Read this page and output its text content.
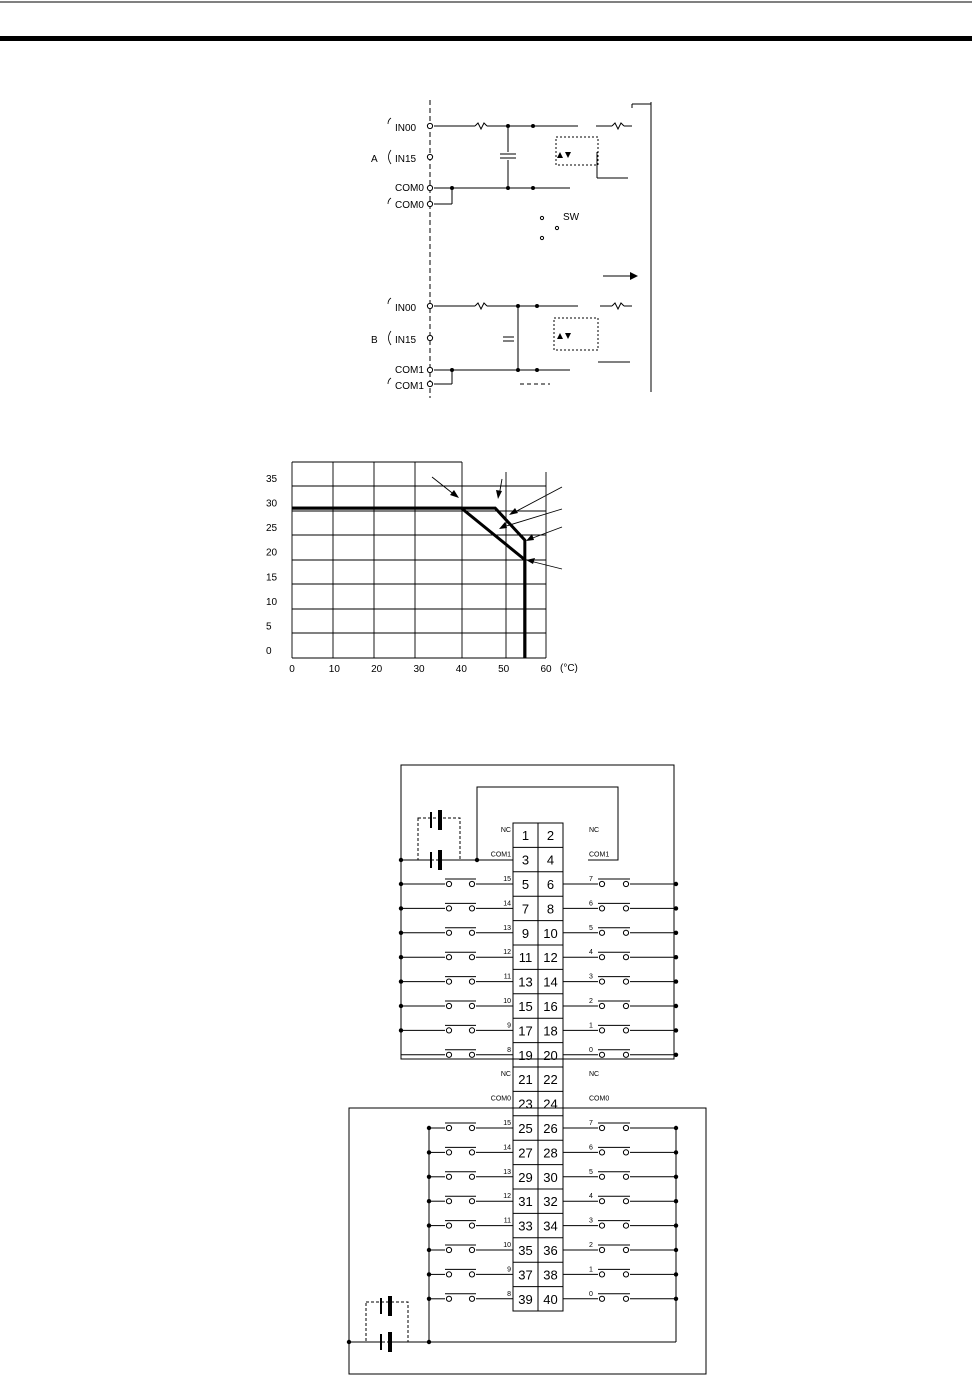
IN00
A IN15
COM0
COM0
SW
IN00
B IN15
COM1
COM1
0	10	20	30	40	50	60
0
5
10
15
20
25
30
35
(°C)
1 2
NC	NC
3 4
COM1	COM1
5 6
15	7
7 8
14	6
9 10
13	5
11 12
12	4
13 14
11	3
15 16
10	2
17 18
9	1
19 20
8	0
21 22
NC	NC
23 24
COM0	COM0
25 26
15	7
27 28
14	6
29 30
13	5
31 32
12	4
33 34
11	3
35 36
10	2
37 38
9	1
39 40
8	0
